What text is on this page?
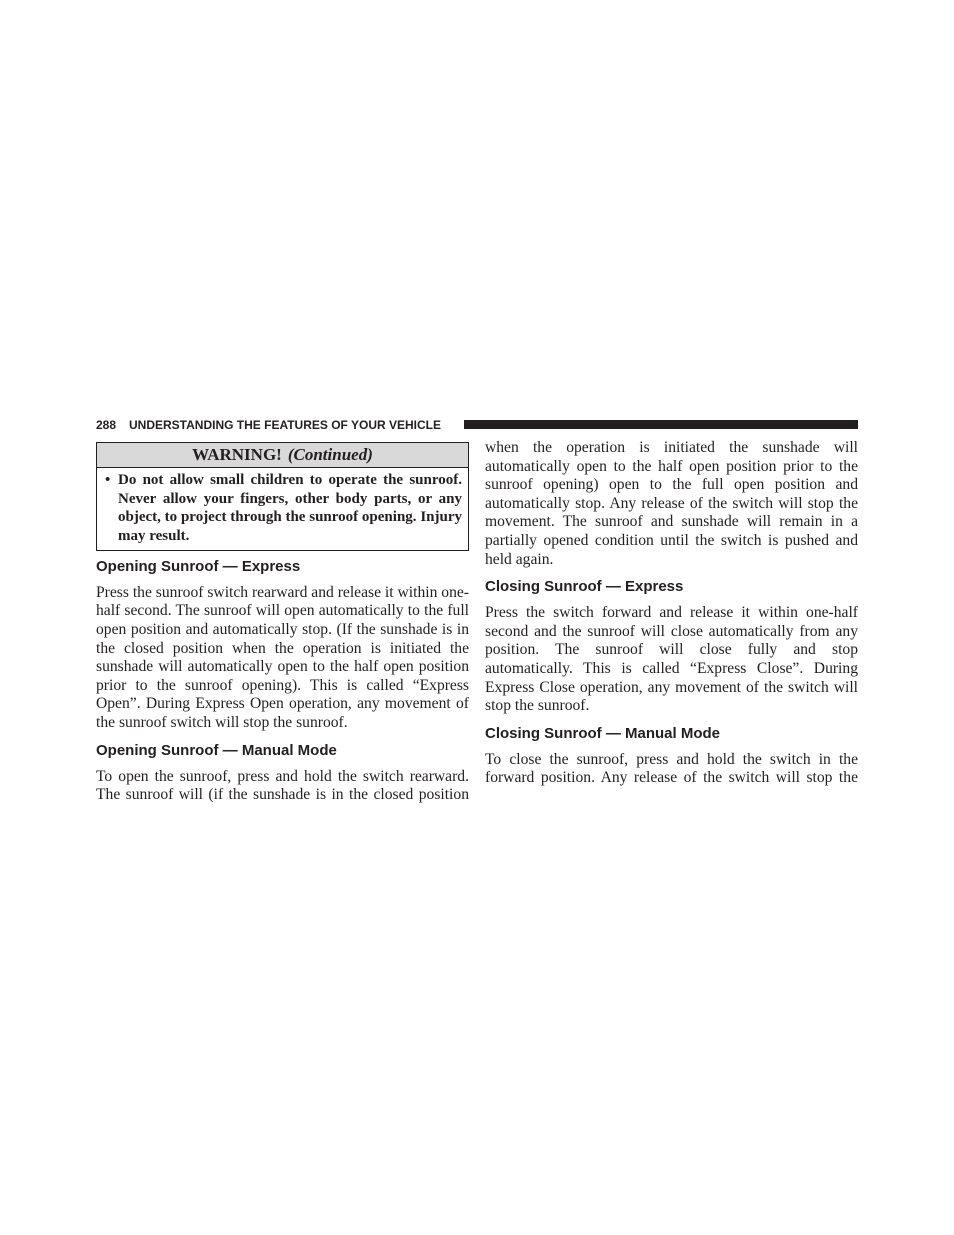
288 UNDERSTANDING THE FEATURES OF YOUR VEHICLE
WARNING! (Continued)
• Do not allow small children to operate the sunroof. Never allow your fingers, other body parts, or any object, to project through the sunroof opening. Injury may result.

Opening Sunroof — Express

Press the sunroof switch rearward and release it within one-half second. The sunroof will open automatically to the full open position and automatically stop. (If the sunshade is in the closed position when the operation is initiated the sunshade will automatically open to the half open position prior to the sunroof opening). This is called “Express Open”. During Express Open operation, any movement of the sunroof switch will stop the sunroof.

Opening Sunroof — Manual Mode

To open the sunroof, press and hold the switch rearward. The sunroof will (if the sunshade is in the closed position

when the operation is initiated the sunshade will automatically open to the half open position prior to the sunroof opening) open to the full open position and automatically stop. Any release of the switch will stop the movement. The sunroof and sunshade will remain in a partially opened condition until the switch is pushed and held again.

Closing Sunroof — Express

Press the switch forward and release it within one-half second and the sunroof will close automatically from any position. The sunroof will close fully and stop automatically. This is called “Express Close”. During Express Close operation, any movement of the switch will stop the sunroof.

Closing Sunroof — Manual Mode

To close the sunroof, press and hold the switch in the forward position. Any release of the switch will stop the
